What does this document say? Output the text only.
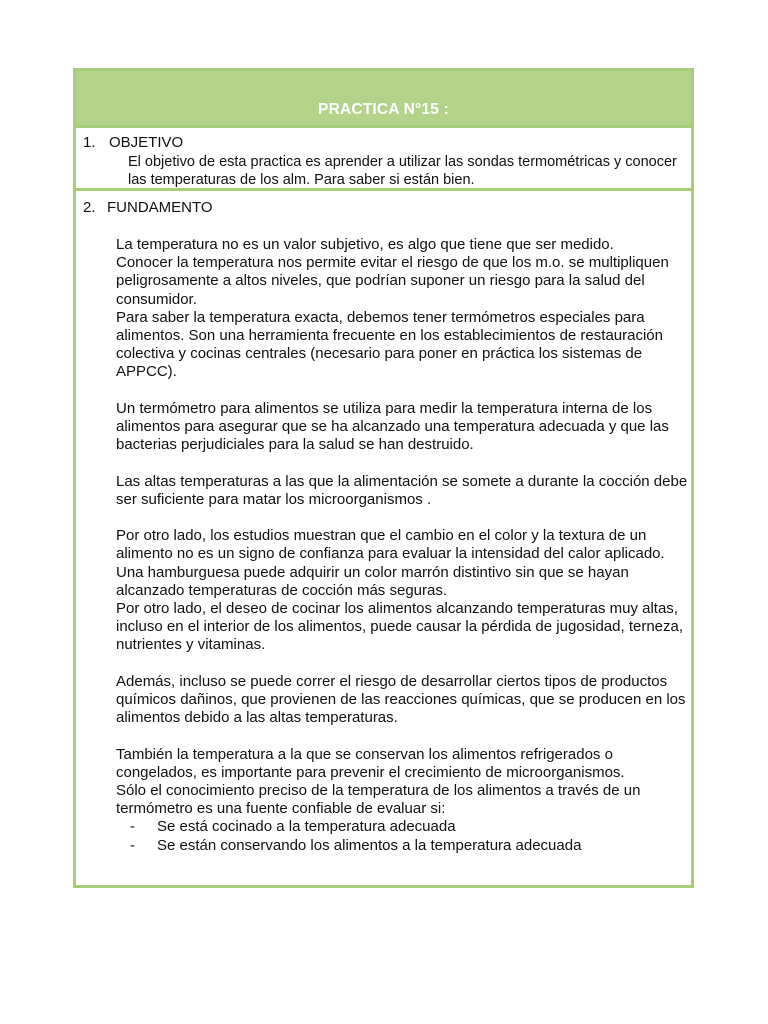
PRACTICA N°15 :
1. OBJETIVO
El objetivo de esta practica es aprender a utilizar las sondas termométricas y conocer las temperaturas de los alm. Para saber si están bien.
2. FUNDAMENTO

La temperatura no es un valor subjetivo, es algo que tiene que ser medido.

Conocer la temperatura nos permite evitar el riesgo de que los m.o. se multipliquen peligrosamente a altos niveles, que podrían suponer un riesgo para la salud del consumidor.

Para saber la temperatura exacta, debemos tener termómetros especiales para alimentos. Son una herramienta frecuente en los establecimientos de restauración colectiva y cocinas centrales (necesario para poner en práctica los sistemas de APPCC).

Un termómetro para alimentos se utiliza para medir la temperatura interna de los alimentos para asegurar que se ha alcanzado una temperatura adecuada y que las bacterias perjudiciales para la salud se han destruido.

Las altas temperaturas a las que la alimentación se somete a durante la cocción debe ser suficiente para matar los microorganismos .

Por otro lado, los estudios muestran que el cambio en el color y la textura de un alimento no es un signo de confianza para evaluar la intensidad del calor aplicado.

Una hamburguesa puede adquirir un color marrón distintivo sin que se hayan alcanzado temperaturas de cocción más seguras.

Por otro lado, el deseo de cocinar los alimentos alcanzando temperaturas muy altas, incluso en el interior de los alimentos, puede causar la pérdida de jugosidad, terneza, nutrientes y vitaminas.

Además, incluso se puede correr el riesgo de desarrollar ciertos tipos de productos químicos dañinos, que provienen de las reacciones químicas, que se producen en los alimentos debido a las altas temperaturas.

También la temperatura a la que se conservan los alimentos refrigerados o congelados, es importante para prevenir el crecimiento de microorganismos.

Sólo el conocimiento preciso de la temperatura de los alimentos a través de un termómetro es una fuente confiable de evaluar si:

- Se está cocinado a la temperatura adecuada
- Se están conservando los alimentos a la temperatura adecuada
